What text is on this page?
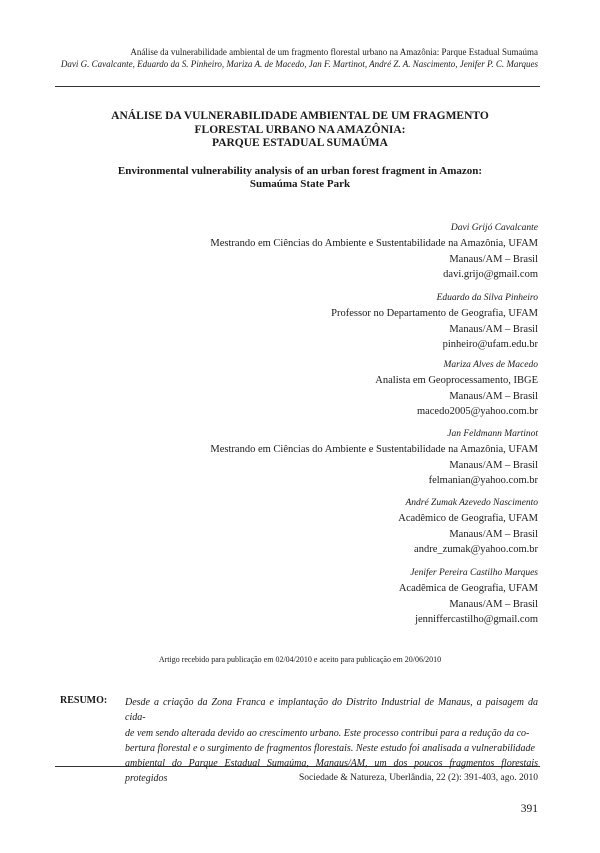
Análise da vulnerabilidade ambiental de um fragmento florestal urbano na Amazônia: Parque Estadual Sumaúma
Davi G. Cavalcante, Eduardo da S. Pinheiro, Mariza A. de Macedo, Jan F. Martinot, André Z. A. Nascimento, Jenifer P. C. Marques
ANÁLISE DA VULNERABILIDADE AMBIENTAL DE UM FRAGMENTO
FLORESTAL URBANO NA AMAZÔNIA:
PARQUE ESTADUAL SUMAÚMA
Environmental vulnerability analysis of an urban forest fragment in Amazon:
Sumaúma State Park
Davi Grijó Cavalcante
Mestrando em Ciências do Ambiente e Sustentabilidade na Amazônia, UFAM
Manaus/AM – Brasil
davi.grijo@gmail.com
Eduardo da Silva Pinheiro
Professor no Departamento de Geografia, UFAM
Manaus/AM – Brasil
pinheiro@ufam.edu.br
Mariza Alves de Macedo
Analista em Geoprocessamento, IBGE
Manaus/AM – Brasil
macedo2005@yahoo.com.br
Jan Feldmann Martinot
Mestrando em Ciências do Ambiente e Sustentabilidade na Amazônia, UFAM
Manaus/AM – Brasil
felmanian@yahoo.com.br
André Zumak Azevedo Nascimento
Acadêmico de Geografia, UFAM
Manaus/AM – Brasil
andre_zumak@yahoo.com.br
Jenifer Pereira Castilho Marques
Acadêmica de Geografia, UFAM
Manaus/AM – Brasil
jenniffercastilho@gmail.com
Artigo recebido para publicação em 02/04/2010 e aceito para publicação em 20/06/2010
RESUMO: Desde a criação da Zona Franca e implantação do Distrito Industrial de Manaus, a paisagem da cida-
de vem sendo alterada devido ao crescimento urbano. Este processo contribui para a redução da co-
bertura florestal e o surgimento de fragmentos florestais. Neste estudo foi analisada a vulnerabilidade
ambiental do Parque Estadual Sumaúma, Manaus/AM, um dos poucos fragmentos florestais protegidos	Sociedade & Natureza, Uberlândia, 22 (2): 391-403, ago. 2010
391
